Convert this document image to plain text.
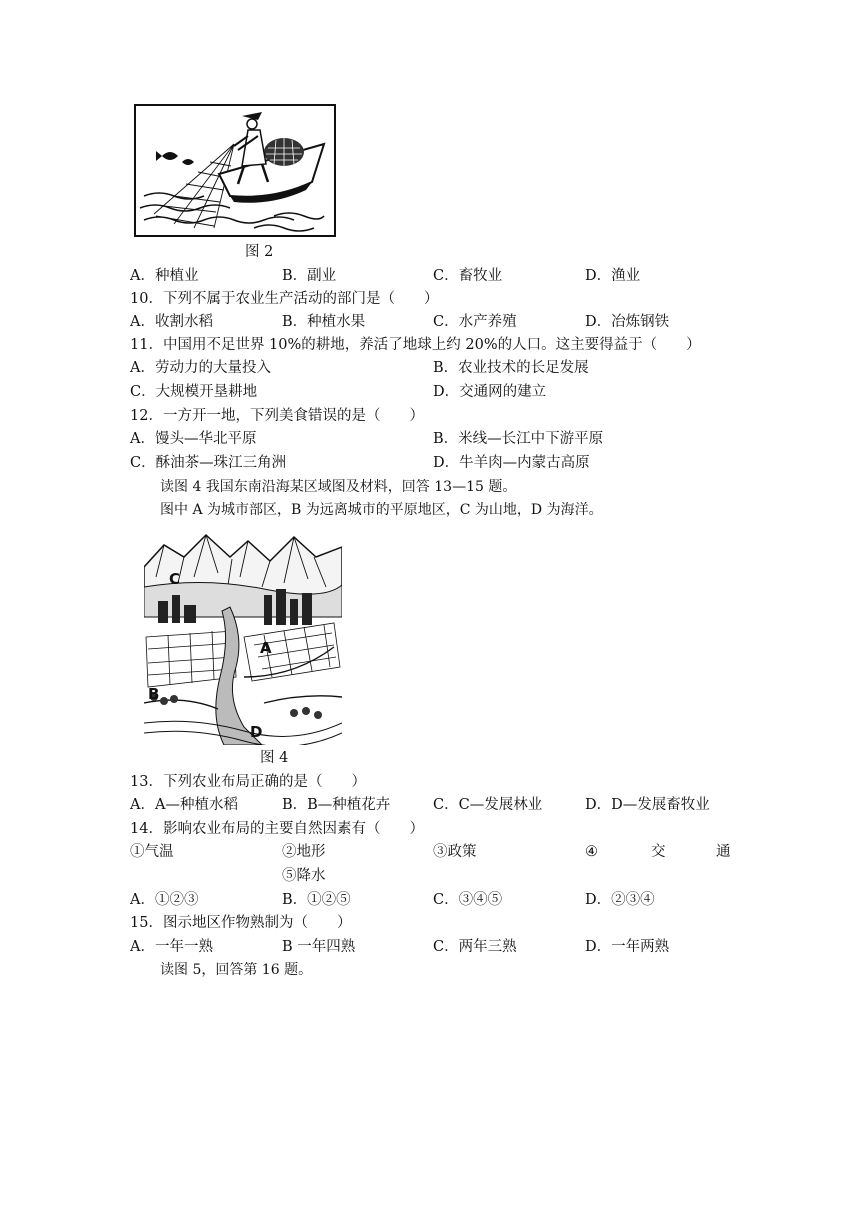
图 2
A．种植业	B．副业	C．畜牧业	D．渔业
10．下列不属于农业生产活动的部门是（　　）
A．收割水稻	B．种植水果	C．水产养殖	D．冶炼钢铁
11．中国用不足世界 10%的耕地，养活了地球上约 20%的人口。这主要得益于（　　）
A．劳动力的大量投入	B．农业技术的长足发展
C．大规模开垦耕地	D．交通网的建立
12．一方开一地，下列美食错误的是（　　）
A．馒头—华北平原	B．米线—长江中下游平原
C．酥油茶—珠江三角洲	D．牛羊肉—内蒙古高原
读图 4 我国东南沿海某区域图及材料，回答 13—15 题。
图中 A 为城市部区，B 为远离城市的平原地区，C 为山地，D 为海洋。
C
A
B
D
图 4
13．下列农业布局正确的是（　　）
A．A—种植水稻	B．B—种植花卉	C．C—发展林业	D．D—发展畜牧业
14．影响农业布局的主要自然因素有（　　）
①气温	②地形	③政策	④	交	通
⑤降水
A．①②③	B．①②⑤	C．③④⑤	D．②③④
15．图示地区作物熟制为（　　）
A．一年一熟	B 一年四熟	C．两年三熟	D．一年两熟
读图 5，回答第 16 题。
